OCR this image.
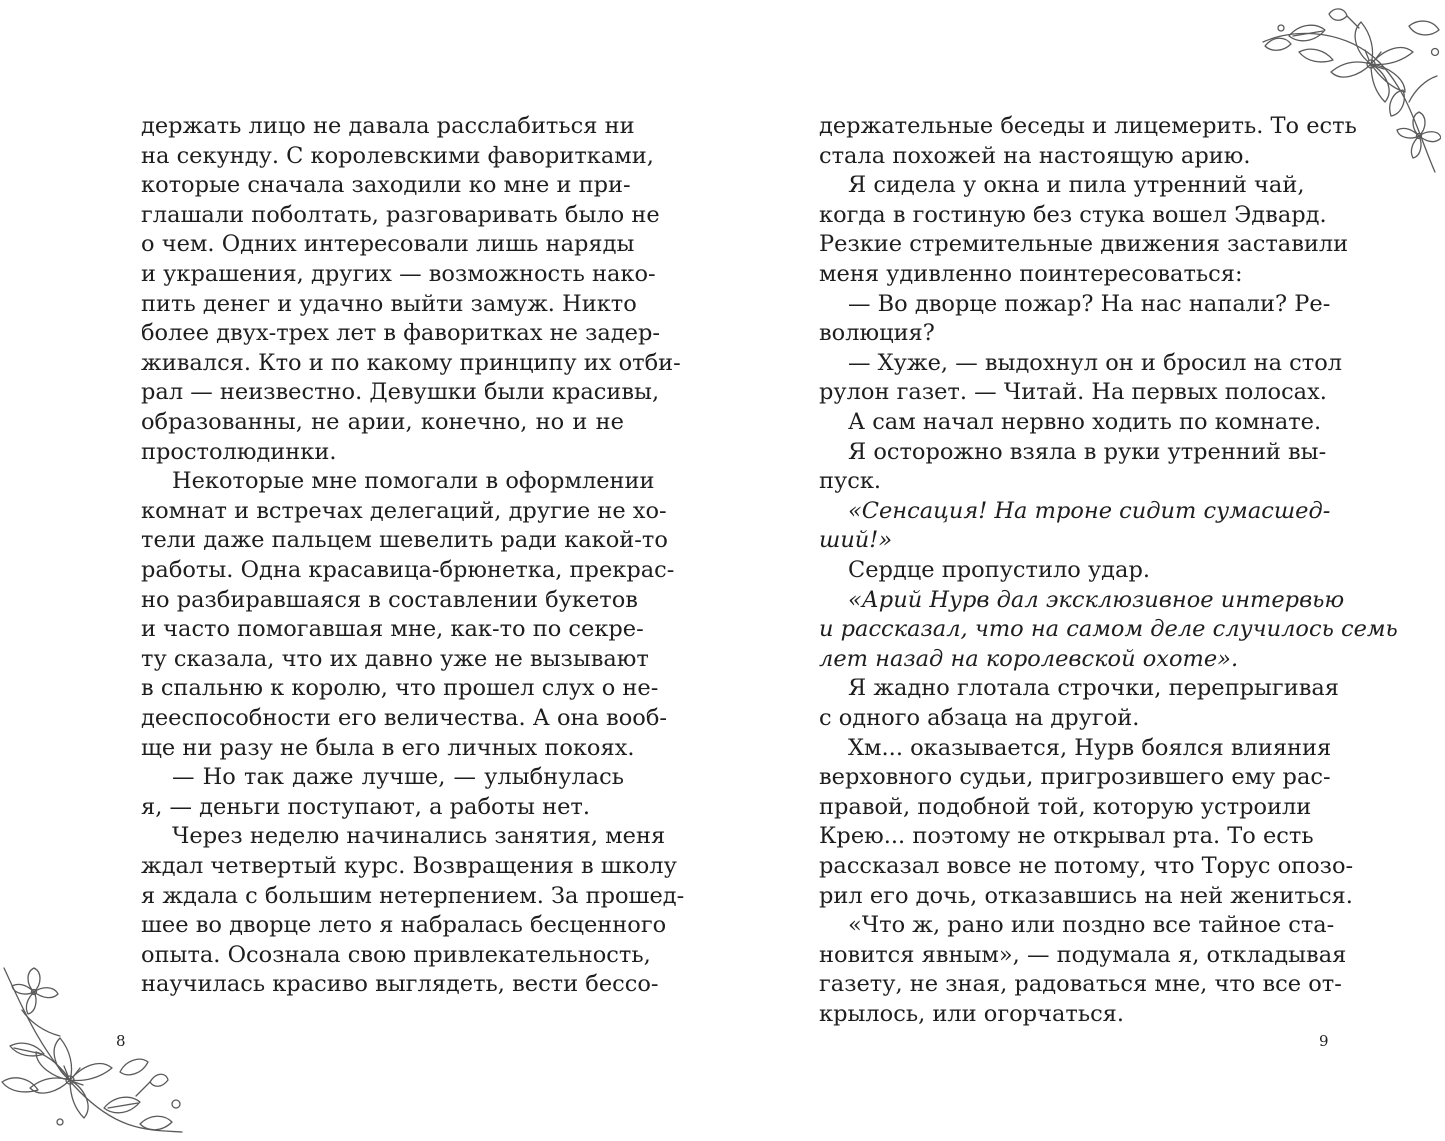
держать лицо не давала расслабиться ни
на секунду. С королевскими фаворитками,
которые сначала заходили ко мне и при-
глашали поболтать, разговаривать было не
о чем. Одних интересовали лишь наряды
и украшения, других — возможность нако-
пить денег и удачно выйти замуж. Никто
более двух-трех лет в фаворитках не задер-
живался. Кто и по какому принципу их отби-
рал — неизвестно. Девушки были красивы,
образованны, не арии, конечно, но и не
простолюдинки.
Некоторые мне помогали в оформлении
комнат и встречах делегаций, другие не хо-
тели даже пальцем шевелить ради какой-то
работы. Одна красавица-брюнетка, прекрас-
но разбиравшаяся в составлении букетов
и часто помогавшая мне, как-то по секре-
ту сказала, что их давно уже не вызывают
в спальню к королю, что прошел слух о не-
дееспособности его величества. А она вооб-
ще ни разу не была в его личных покоях.
— Но так даже лучше, — улыбнулась
я, — деньги поступают, а работы нет.
Через неделю начинались занятия, меня
ждал четвертый курс. Возвращения в школу
я ждала с большим нетерпением. За прошед-
шее во дворце лето я набралась бесценного
опыта. Осознала свою привлекательность,
научилась красиво выглядеть, вести бессо-
8
держательные беседы и лицемерить. То есть
стала похожей на настоящую арию.
Я сидела у окна и пила утренний чай,
когда в гостиную без стука вошел Эдвард.
Резкие стремительные движения заставили
меня удивленно поинтересоваться:
— Во дворце пожар? На нас напали? Ре-
волюция?
— Хуже, — выдохнул он и бросил на стол
рулон газет. — Читай. На первых полосах.
А сам начал нервно ходить по комнате.
Я осторожно взяла в руки утренний вы-
пуск.
«Сенсация! На троне сидит сумасшед-
ший!»
Сердце пропустило удар.
«Арий Нурв дал эксклюзивное интервью
и рассказал, что на самом деле случилось семь
лет назад на королевской охоте».
Я жадно глотала строчки, перепрыгивая
с одного абзаца на другой.
Хм... оказывается, Нурв боялся влияния
верховного судьи, пригрозившего ему рас-
правой, подобной той, которую устроили
Крею... поэтому не открывал рта. То есть
рассказал вовсе не потому, что Торус опозо-
рил его дочь, отказавшись на ней жениться.
«Что ж, рано или поздно все тайное ста-
новится явным», — подумала я, откладывая
газету, не зная, радоваться мне, что все от-
крылось, или огорчаться.
9
